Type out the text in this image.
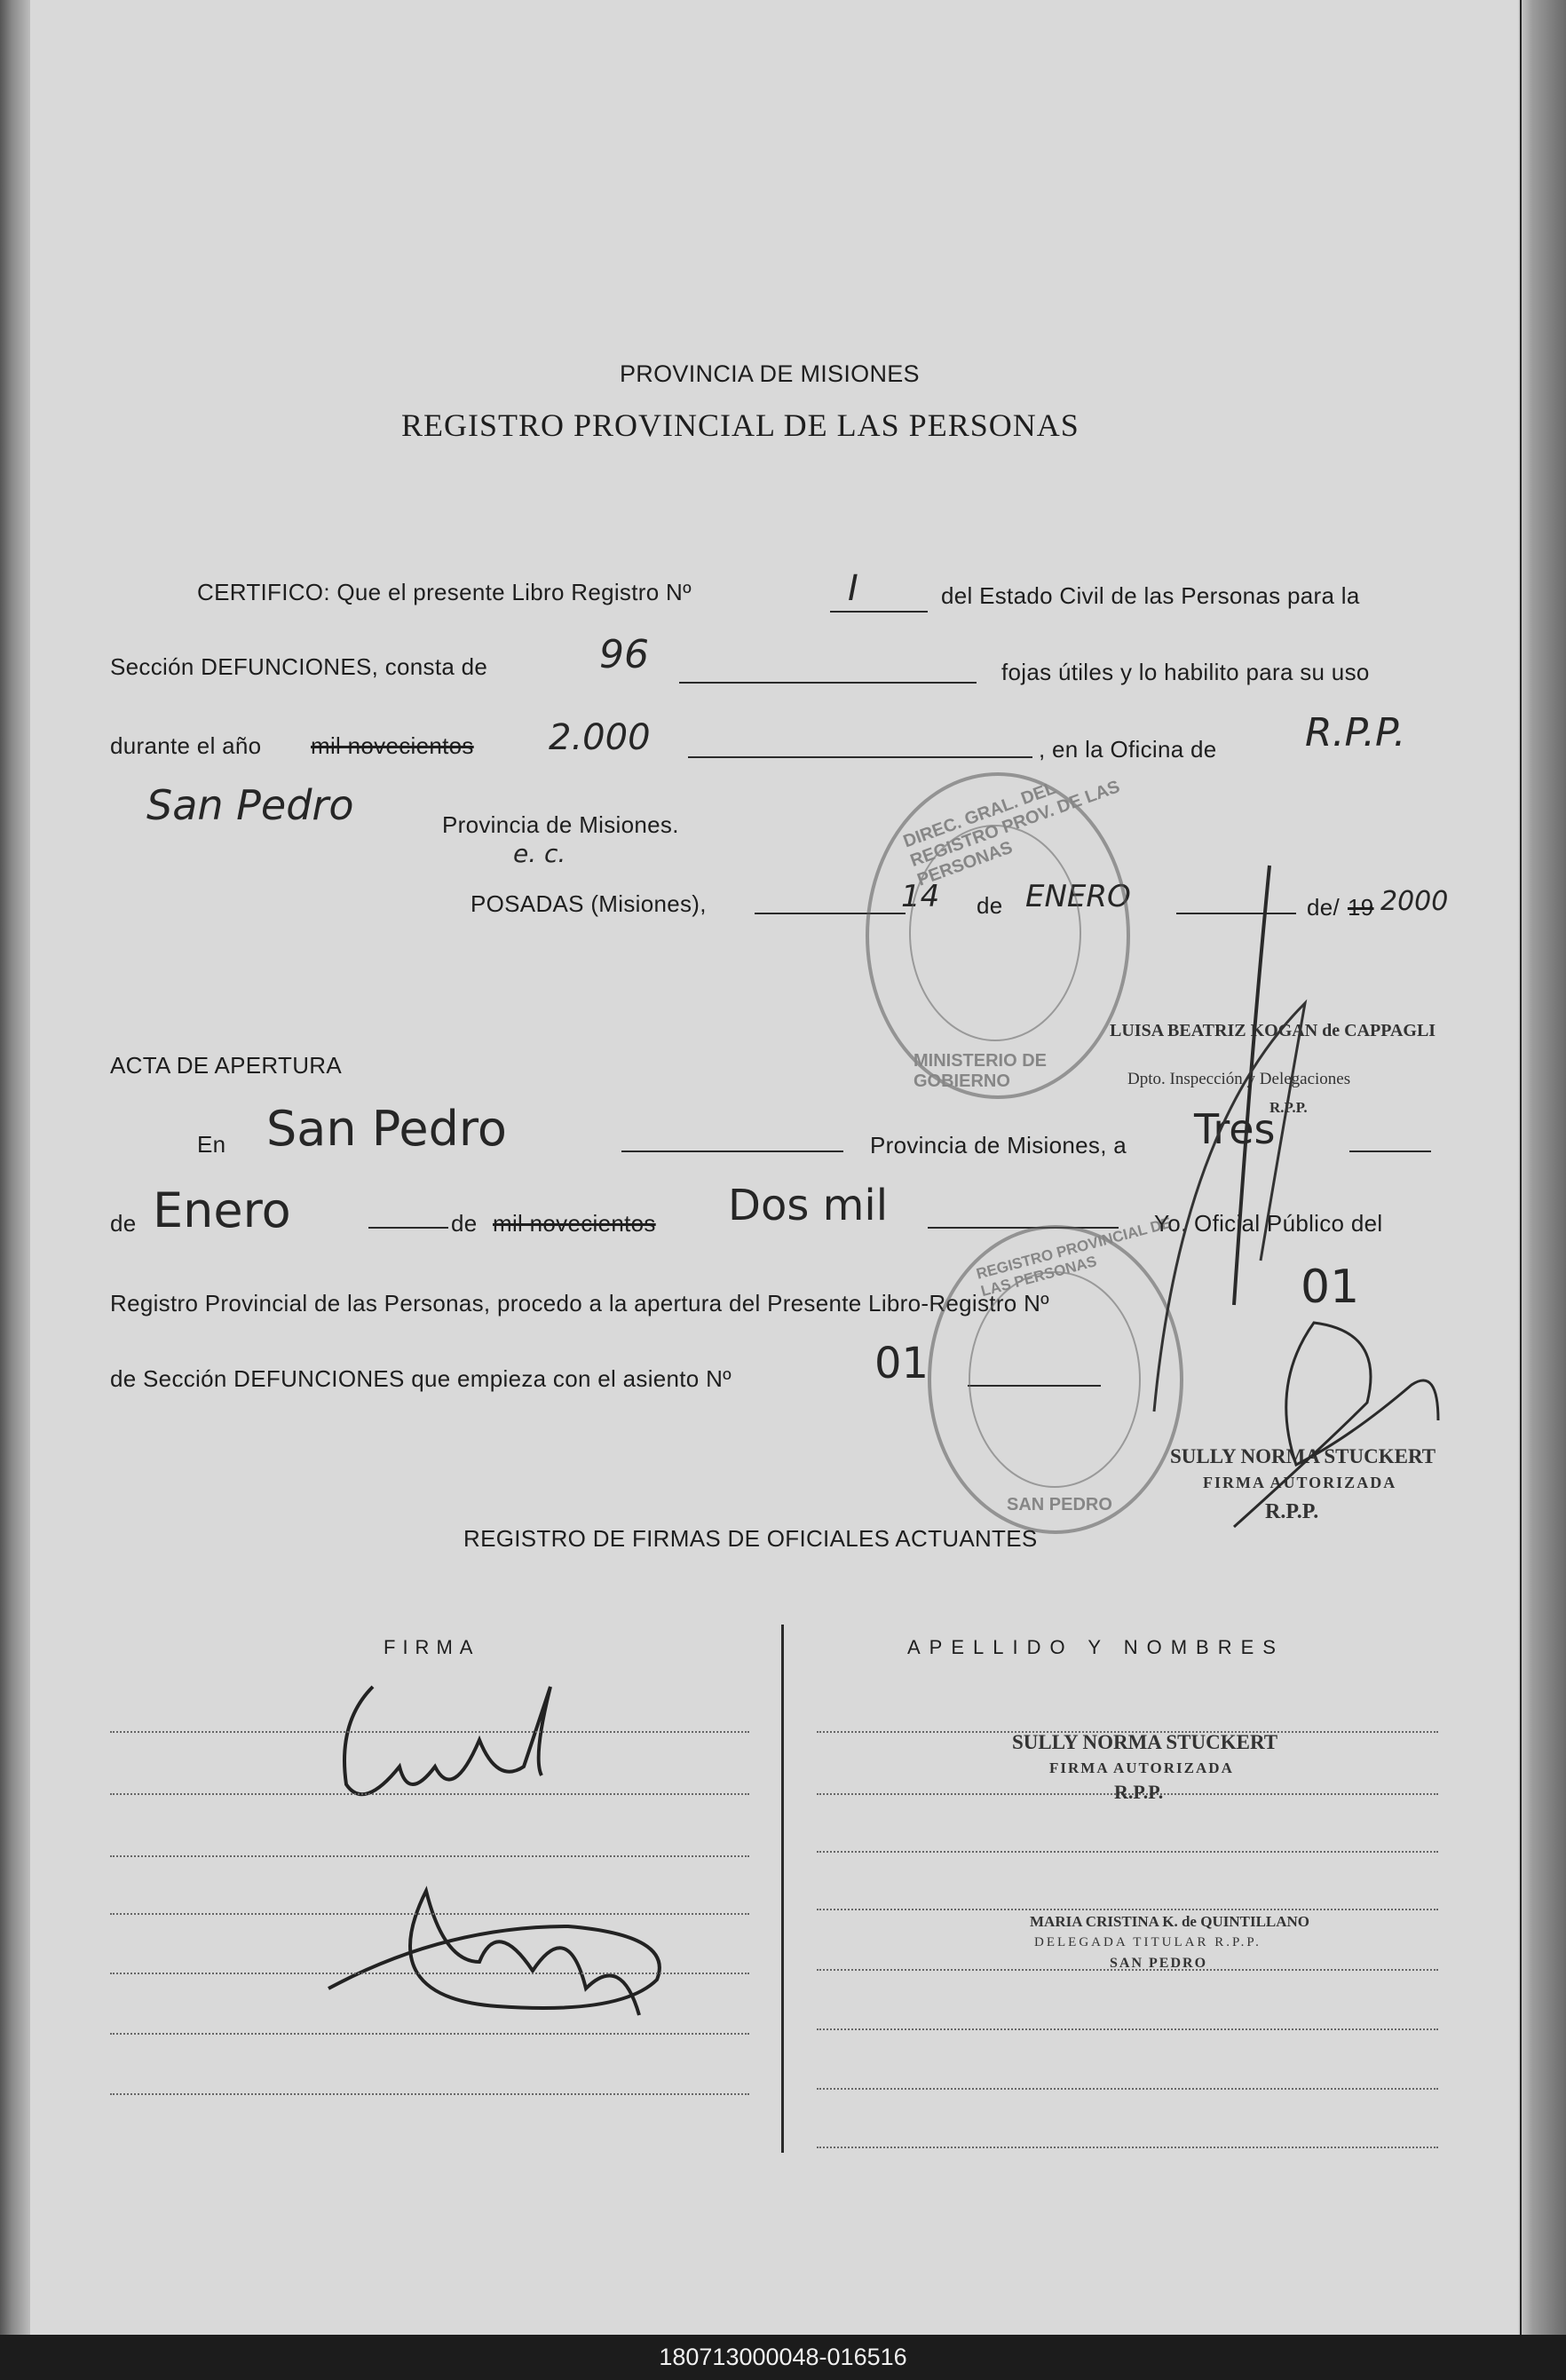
PROVINCIA DE MISIONES
REGISTRO PROVINCIAL DE LAS PERSONAS
CERTIFICO: Que el presente Libro Registro Nº	I	del Estado Civil de las Personas para la
Sección DEFUNCIONES, consta de	96	fojas útiles y lo habilito para su uso
durante el año mil novecientos 2.000	, en la Oficina de R.P.P.
San Pedro	Provincia de Misiones.
e. c.
POSADAS (Misiones),	14 de ENERO	de/ 19 2000
DIREC. GRAL. DEL REGISTRO PROV. DE LAS PERSONAS
MINISTERIO DE GOBIERNO
LUISA BEATRIZ KOGAN de CAPPAGLI
Dpto. Inspección y Delegaciones
R.P.P.
ACTA DE APERTURA
En San Pedro	Provincia de Misiones, a Tres
de Enero	de mil novecientos Dos mil	Yo, Oficial Público del
Registro Provincial de las Personas, procedo a la apertura del Presente Libro-Registro Nº	01
de Sección DEFUNCIONES que empieza con el asiento Nº	01
REGISTRO PROVINCIAL DE LAS PERSONAS
SAN PEDRO
SULLY NORMA STUCKERT
FIRMA AUTORIZADA
R.P.P.
REGISTRO DE FIRMAS DE OFICIALES ACTUANTES
FIRMA	APELLIDO Y NOMBRES
SULLY NORMA STUCKERT
FIRMA AUTORIZADA
R.P.P.
MARIA CRISTINA K. de QUINTILLANO
DELEGADA TITULAR R.P.P.
SAN PEDRO
180713000048-016516
